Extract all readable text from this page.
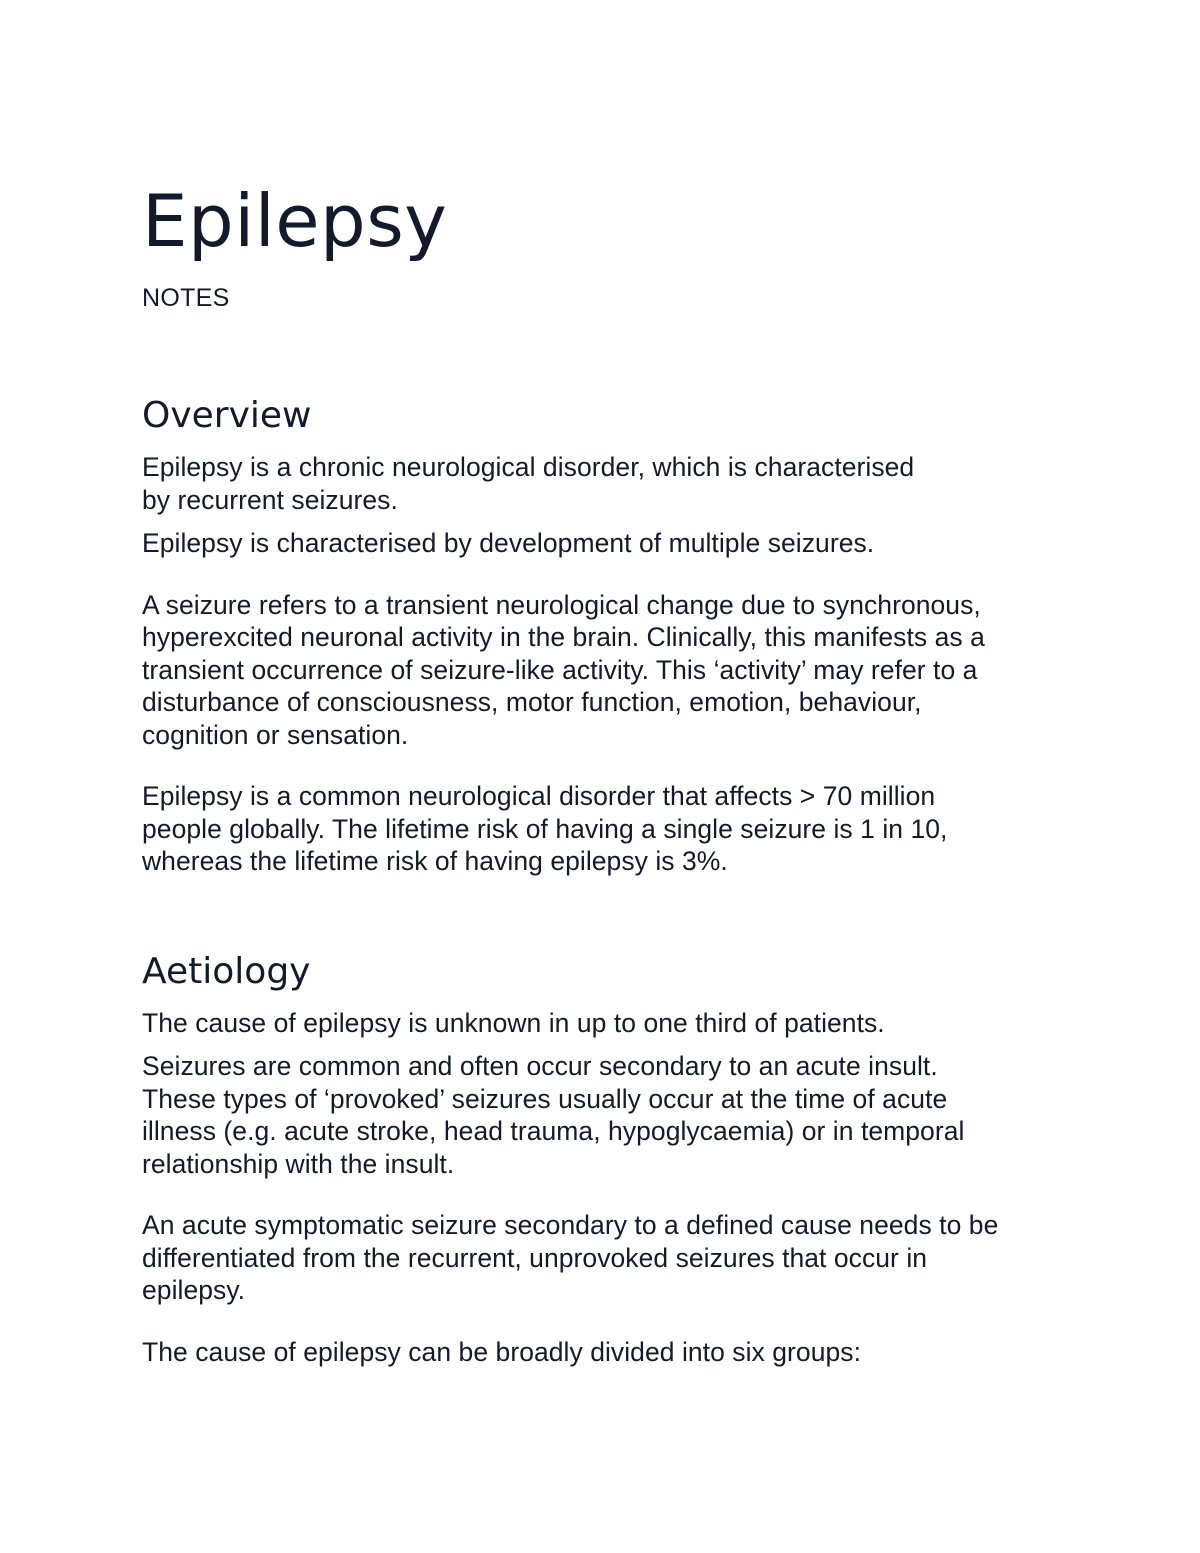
Epilepsy
NOTES
Overview

Epilepsy is a chronic neurological disorder, which is characterised
by recurrent seizures.

Epilepsy is characterised by development of multiple seizures.

A seizure refers to a transient neurological change due to synchronous,
hyperexcited neuronal activity in the brain. Clinically, this manifests as a
transient occurrence of seizure-like activity. This ‘activity’ may refer to a
disturbance of consciousness, motor function, emotion, behaviour,
cognition or sensation.

Epilepsy is a common neurological disorder that affects > 70 million
people globally. The lifetime risk of having a single seizure is 1 in 10,
whereas the lifetime risk of having epilepsy is 3%.

Aetiology

The cause of epilepsy is unknown in up to one third of patients.

Seizures are common and often occur secondary to an acute insult.
These types of ‘provoked’ seizures usually occur at the time of acute
illness (e.g. acute stroke, head trauma, hypoglycaemia) or in temporal
relationship with the insult.

An acute symptomatic seizure secondary to a defined cause needs to be
differentiated from the recurrent, unprovoked seizures that occur in
epilepsy.

The cause of epilepsy can be broadly divided into six groups:
